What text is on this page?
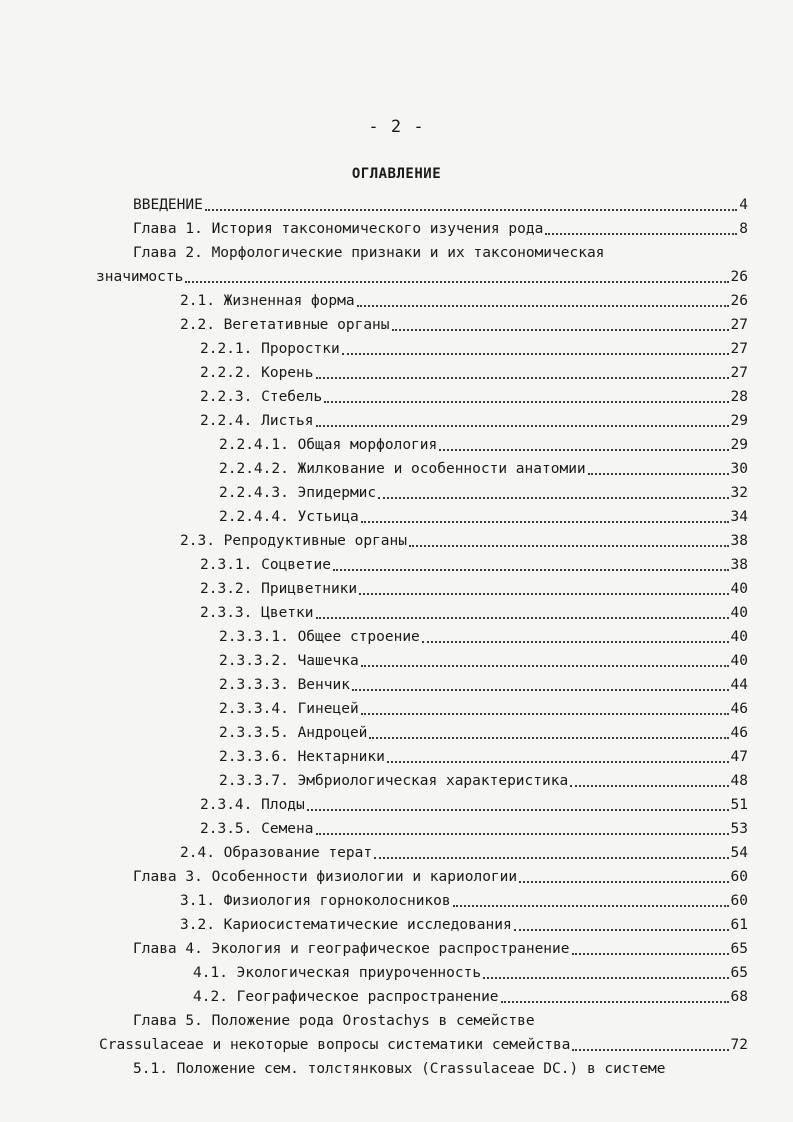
- 2 -
ОГЛАВЛЕНИЕ
ВВЕДЕНИЕ	4
Глава 1. История таксономического изучения рода	8
Глава 2. Морфологические признаки и их таксономическая
значимость	26
2.1. Жизненная форма	26
2.2. Вегетативные органы	27
2.2.1. Проростки	27
2.2.2. Корень	27
2.2.3. Стебель	28
2.2.4. Листья	29
2.2.4.1. Общая морфология	29
2.2.4.2. Жилкование и особенности анатомии	30
2.2.4.3. Эпидермис	32
2.2.4.4. Устьица	34
2.3. Репродуктивные органы	38
2.3.1. Соцветие	38
2.3.2. Прицветники	40
2.3.3. Цветки	40
2.3.3.1. Общее строение	40
2.3.3.2. Чашечка	40
2.3.3.3. Венчик	44
2.3.3.4. Гинецей	46
2.3.3.5. Андроцей	46
2.3.3.6. Нектарники	47
2.3.3.7. Эмбриологическая характеристика	48
2.3.4. Плоды	51
2.3.5. Семена	53
2.4. Образование терат	54
Глава 3. Особенности физиологии и кариологии	60
3.1. Физиология горноколосников	60
3.2. Кариосистематические исследования	61
Глава 4. Экология и географическое распространение	65
4.1. Экологическая приуроченность	65
4.2. Географическое распространение	68
Глава 5. Положение рода Orostachys в семействе
Crassulaceae и некоторые вопросы систематики семейства	72
5.1. Положение сем. толстянковых (Crassulaceae DC.) в системе
